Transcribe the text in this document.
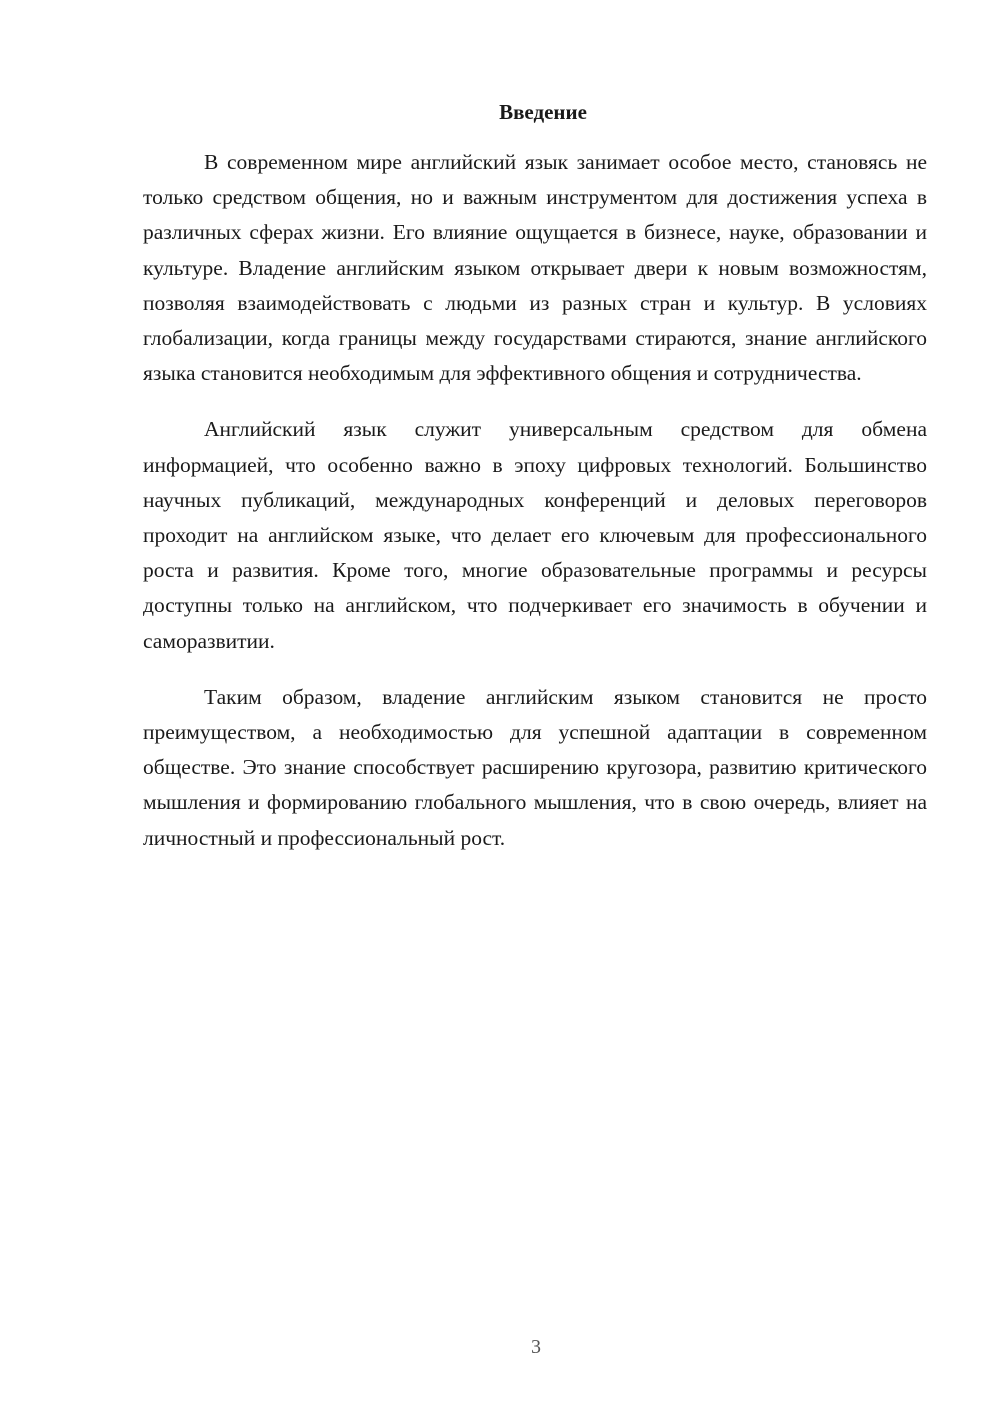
Введение

В современном мире английский язык занимает особое место, становясь не только средством общения, но и важным инструментом для достижения успеха в различных сферах жизни. Его влияние ощущается в бизнесе, науке, образовании и культуре. Владение английским языком открывает двери к новым возможностям, позволяя взаимодействовать с людьми из разных стран и культур. В условиях глобализации, когда границы между государствами стираются, знание английского языка становится необходимым для эффективного общения и сотрудничества.

Английский язык служит универсальным средством для обмена информацией, что особенно важно в эпоху цифровых технологий. Большинство научных публикаций, международных конференций и деловых переговоров проходит на английском языке, что делает его ключевым для профессионального роста и развития. Кроме того, многие образовательные программы и ресурсы доступны только на английском, что подчеркивает его значимость в обучении и саморазвитии.

Таким образом, владение английским языком становится не просто преимуществом, а необходимостью для успешной адаптации в современном обществе. Это знание способствует расширению кругозора, развитию критического мышления и формированию глобального мышления, что в свою очередь, влияет на личностный и профессиональный рост.

3
